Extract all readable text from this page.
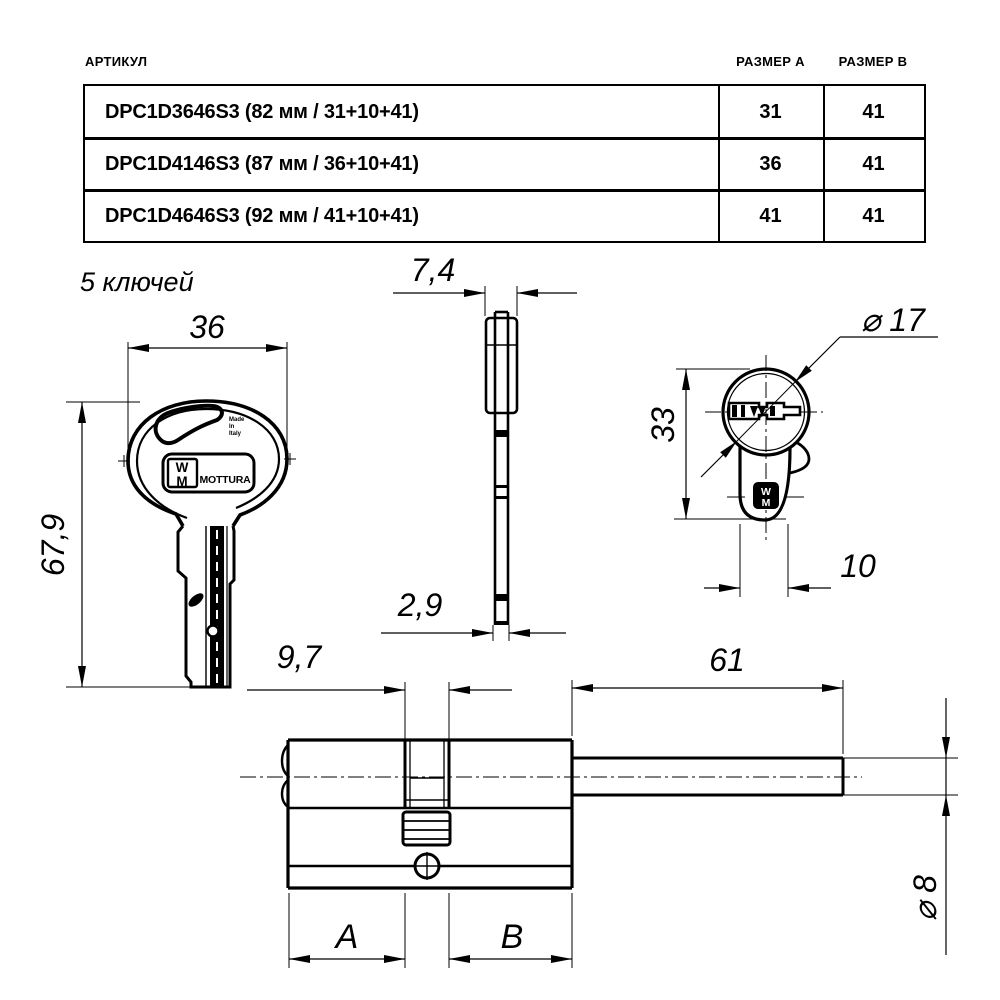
АРТИКУЛ	РАЗМЕР А	РАЗМЕР В
DPC1D3646S3 (82 мм / 31+10+41)	31	41
DPC1D4146S3 (87 мм / 36+10+41)	36	41
DPC1D4646S3 (92 мм / 41+10+41)	41	41
5 ключей
Made
In
Italy
W
M MOTTURA
36
67,9
7,4
2,9
W
M
⌀ 17
33
10
9,7	61
⌀ 8
A	B
